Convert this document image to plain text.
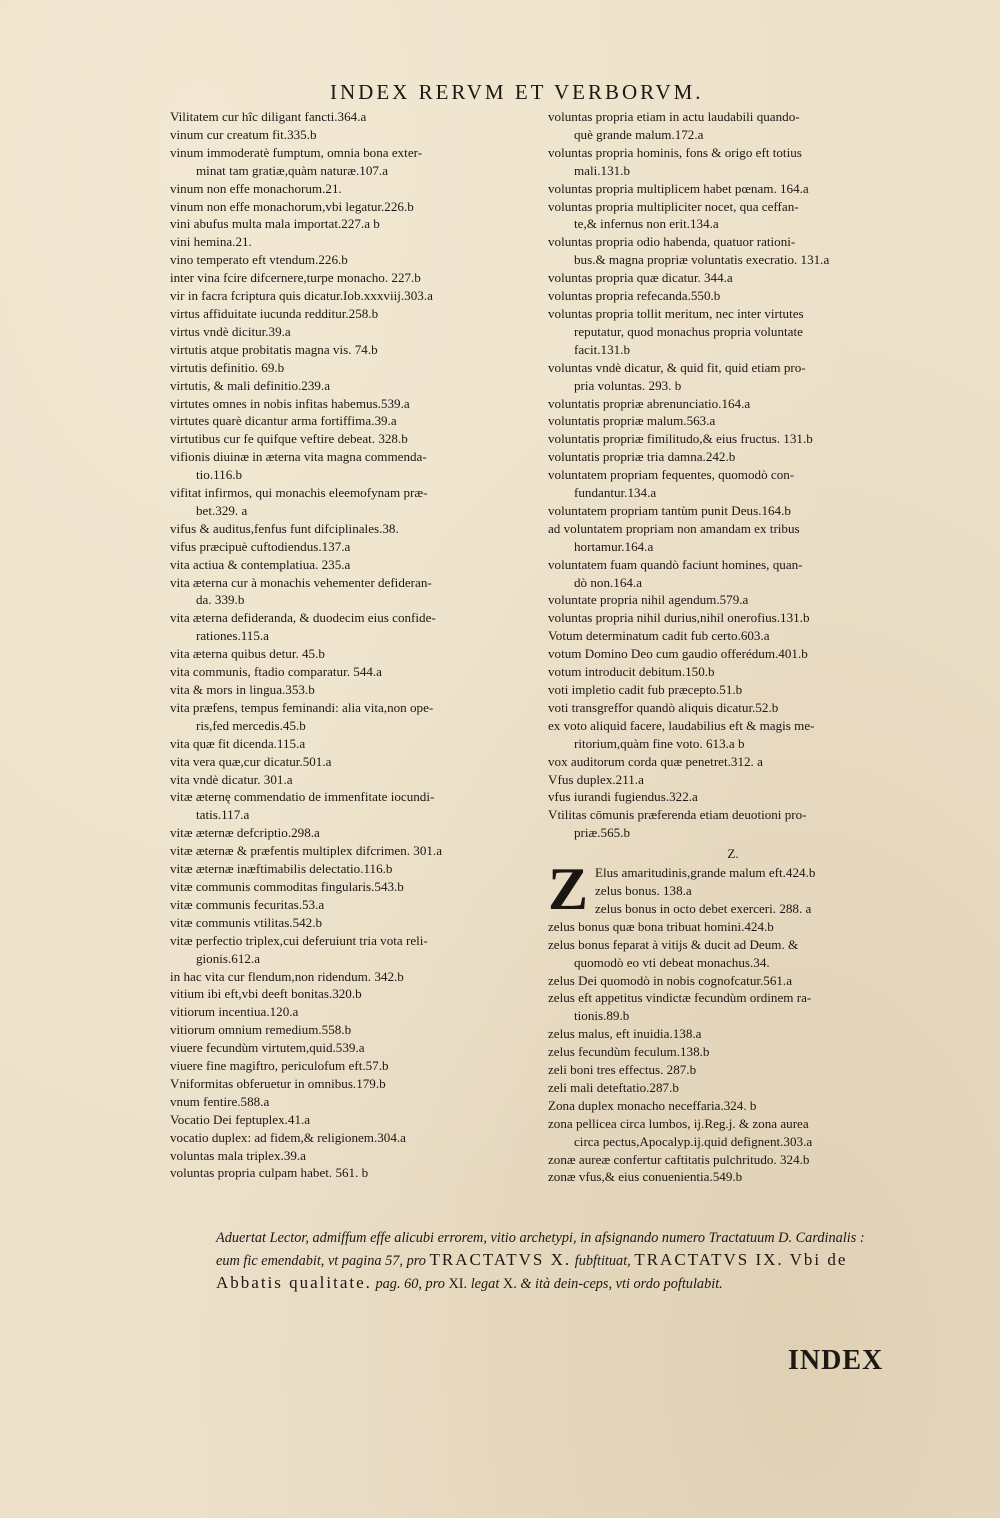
INDEX RERVM ET VERBORVM.
Vilitatem cur hîc diligant fancti.364.a
vinum cur creatum fit.335.b
vinum immoderatè fumptum, omnia bona exter-
minat tam gratiæ,quàm naturæ.107.a
vinum non effe monachorum.21.
vinum non effe monachorum,vbi legatur.226.b
vini abufus multa mala importat.227.a b
vini hemina.21.
vino temperato eft vtendum.226.b
inter vina fcire difcernere,turpe monacho. 227.b
vir in facra fcriptura quis dicatur.Iob.xxxviij.303.a
virtus affiduitate iucunda redditur.258.b
virtus vndè dicitur.39.a
virtutis atque probitatis magna vis. 74.b
virtutis definitio. 69.b
virtutis, & mali definitio.239.a
virtutes omnes in nobis infitas habemus.539.a
virtutes quarè dicantur arma fortiffima.39.a
virtutibus cur fe quifque veftire debeat. 328.b
vifionis diuinæ in æterna vita magna commenda-
tio.116.b
vifitat infirmos, qui monachis eleemofynam præ-
bet.329. a
vifus & auditus,fenfus funt difciplinales.38.
vifus præcipuè cuftodiendus.137.a
vita actiua & contemplatiua. 235.a
vita æterna cur à monachis vehementer defideran-
da. 339.b
vita æterna defideranda, & duodecim eius confide-
rationes.115.a
vita æterna quibus detur. 45.b
vita communis, ftadio comparatur. 544.a
vita & mors in lingua.353.b
vita præfens, tempus feminandi: alia vita,non ope-
ris,fed mercedis.45.b
vita quæ fit dicenda.115.a
vita vera quæ,cur dicatur.501.a
vita vndè dicatur. 301.a
vitæ æternę commendatio de immenfitate iocundi-
tatis.117.a
vitæ æternæ defcriptio.298.a
vitæ æternæ & præfentis multiplex difcrimen. 301.a
vitæ æternæ inæftimabilis delectatio.116.b
vitæ communis commoditas fingularis.543.b
vitæ communis fecuritas.53.a
vitæ communis vtilitas.542.b
vitæ perfectio triplex,cui deferuiunt tria vota reli-
gionis.612.a
in hac vita cur flendum,non ridendum. 342.b
vitium ibi eft,vbi deeft bonitas.320.b
vitiorum incentiua.120.a
vitiorum omnium remedium.558.b
viuere fecundùm virtutem,quid.539.a
viuere fine magiftro, periculofum eft.57.b
Vniformitas obferuetur in omnibus.179.b
vnum fentire.588.a
Vocatio Dei feptuplex.41.a
vocatio duplex: ad fidem,& religionem.304.a
voluntas mala triplex.39.a
voluntas propria culpam habet. 561. b
voluntas propria etiam in actu laudabili quando-
què grande malum.172.a
voluntas propria hominis, fons & origo eft totius
mali.131.b
voluntas propria multiplicem habet pœnam. 164.a
voluntas propria multipliciter nocet, qua ceffan-
te,& infernus non erit.134.a
voluntas propria odio habenda, quatuor rationi-
bus.& magna propriæ voluntatis execratio. 131.a
voluntas propria quæ dicatur. 344.a
voluntas propria refecanda.550.b
voluntas propria tollit meritum, nec inter virtutes
reputatur, quod monachus propria voluntate
facit.131.b
voluntas vndè dicatur, & quid fit, quid etiam pro-
pria voluntas. 293. b
voluntatis propriæ abrenunciatio.164.a
voluntatis propriæ malum.563.a
voluntatis propriæ fimilitudo,& eius fructus. 131.b
voluntatis propriæ tria damna.242.b
voluntatem propriam fequentes, quomodò con-
fundantur.134.a
voluntatem propriam tantùm punit Deus.164.b
ad voluntatem propriam non amandam ex tribus
hortamur.164.a
voluntatem fuam quandò faciunt homines, quan-
dò non.164.a
voluntate propria nihil agendum.579.a
voluntas propria nihil durius,nihil onerofius.131.b
Votum determinatum cadit fub certo.603.a
votum Domino Deo cum gaudio offerédum.401.b
votum introducit debitum.150.b
voti impletio cadit fub præcepto.51.b
voti transgreffor quandò aliquis dicatur.52.b
ex voto aliquid facere, laudabilius eft & magis me-
ritorium,quàm fine voto. 613.a b
vox auditorum corda quæ penetret.312. a
Vfus duplex.211.a
vfus iurandi fugiendus.322.a
Vtilitas cōmunis præferenda etiam deuotioni pro-
priæ.565.b
Z.
Z Elus amaritudinis,grande malum eft.424.b
zelus bonus. 138.a
zelus bonus in octo debet exerceri. 288. a
zelus bonus quæ bona tribuat homini.424.b
zelus bonus feparat à vitijs & ducit ad Deum. &
quomodò eo vti debeat monachus.34.
zelus Dei quomodò in nobis cognofcatur.561.a
zelus eft appetitus vindictæ fecundùm ordinem ra-
tionis.89.b
zelus malus, eft inuidia.138.a
zelus fecundùm feculum.138.b
zeli boni tres effectus. 287.b
zeli mali deteftatio.287.b
Zona duplex monacho neceffaria.324. b
zona pellicea circa lumbos, ij.Reg.j. & zona aurea
circa pectus,Apocalyp.ij.quid defignent.303.a
zonæ aureæ confertur caftitatis pulchritudo. 324.b
zonæ vfus,& eius conuenientia.549.b
Aduertat Lector, admiffum effe alicubi errorem, vitio archetypi, in afsignando numero Tractatuum D. Cardinalis : eum fic emendabit, vt pagina 57, pro TRACTATVS X. fubftituat, TRACTATVS IX. Vbi de Abbatis qualitate. pag. 60, pro XI. legat X. & ità dein-ceps, vti ordo poftulabit.
INDEX
